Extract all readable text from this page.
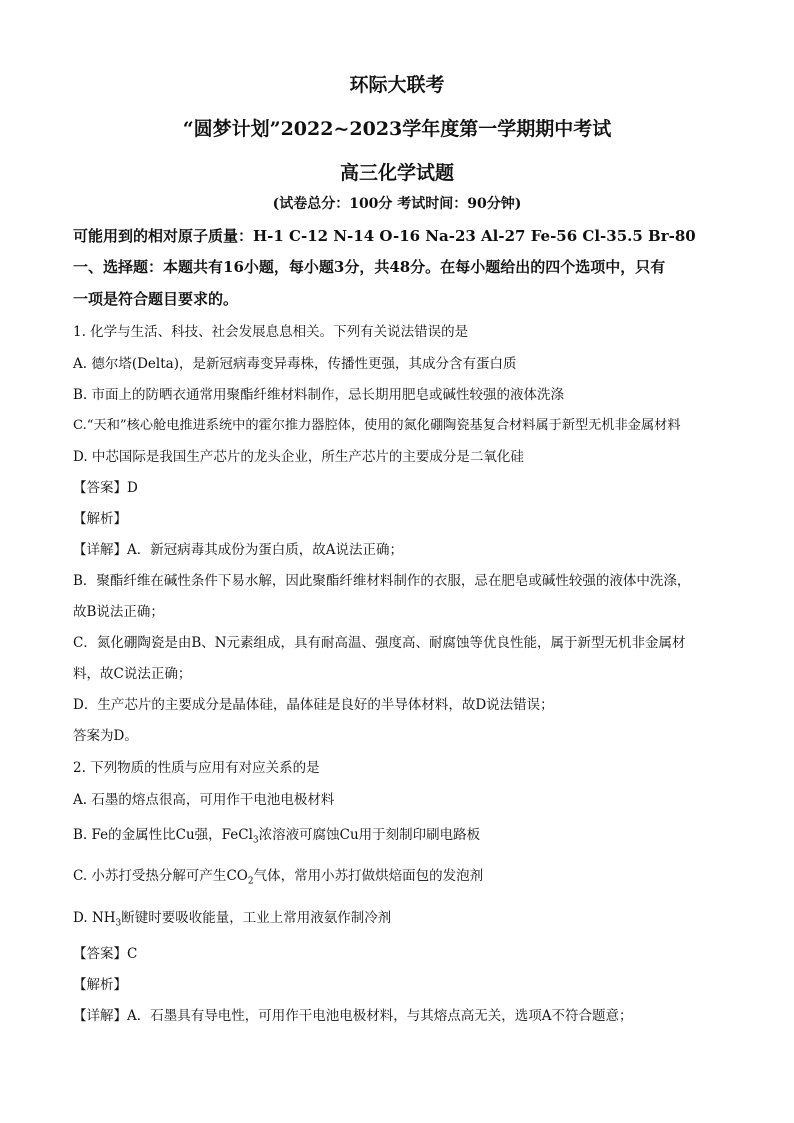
环际大联考
“圆梦计划”2022~2023学年度第一学期期中考试
高三化学试题
(试卷总分：100分 考试时间：90分钟)
可能用到的相对原子质量：H-1 C-12 N-14 O-16 Na-23 Al-27 Fe-56 Cl-35.5 Br-80
一、选择题：本题共有16小题，每小题3分，共48分。在每小题给出的四个选项中，只有
一项是符合题目要求的。
1. 化学与生活、科技、社会发展息息相关。下列有关说法错误的是
A. 德尔塔(Delta)，是新冠病毒变异毒株，传播性更强，其成分含有蛋白质
B. 市面上的防晒衣通常用聚酯纤维材料制作，忌长期用肥皂或碱性较强的液体洗涤
C.“天和”核心舱电推进系统中的霍尔推力器腔体，使用的氮化硼陶瓷基复合材料属于新型无机非金属材料
D. 中芯国际是我国生产芯片的龙头企业，所生产芯片的主要成分是二氧化硅
【答案】D
【解析】
【详解】A．新冠病毒其成份为蛋白质，故A说法正确；
B．聚酯纤维在碱性条件下易水解，因此聚酯纤维材料制作的衣服，忌在肥皂或碱性较强的液体中洗涤，
故B说法正确；
C．氮化硼陶瓷是由B、N元素组成，具有耐高温、强度高、耐腐蚀等优良性能，属于新型无机非金属材
料，故C说法正确；
D．生产芯片的主要成分是晶体硅，晶体硅是良好的半导体材料，故D说法错误；
答案为D。
2. 下列物质的性质与应用有对应关系的是
A. 石墨的熔点很高，可用作干电池电极材料
B. Fe的金属性比Cu强，FeCl$_3$浓溶液可腐蚀Cu用于刻制印刷电路板
C. 小苏打受热分解可产生$CO_2$气体，常用小苏打做烘焙面包的发泡剂
D. $NH_3$断键时要吸收能量，工业上常用液氨作制冷剂
【答案】C
【解析】
【详解】A．石墨具有导电性，可用作干电池电极材料，与其熔点高无关，选项A不符合题意；
